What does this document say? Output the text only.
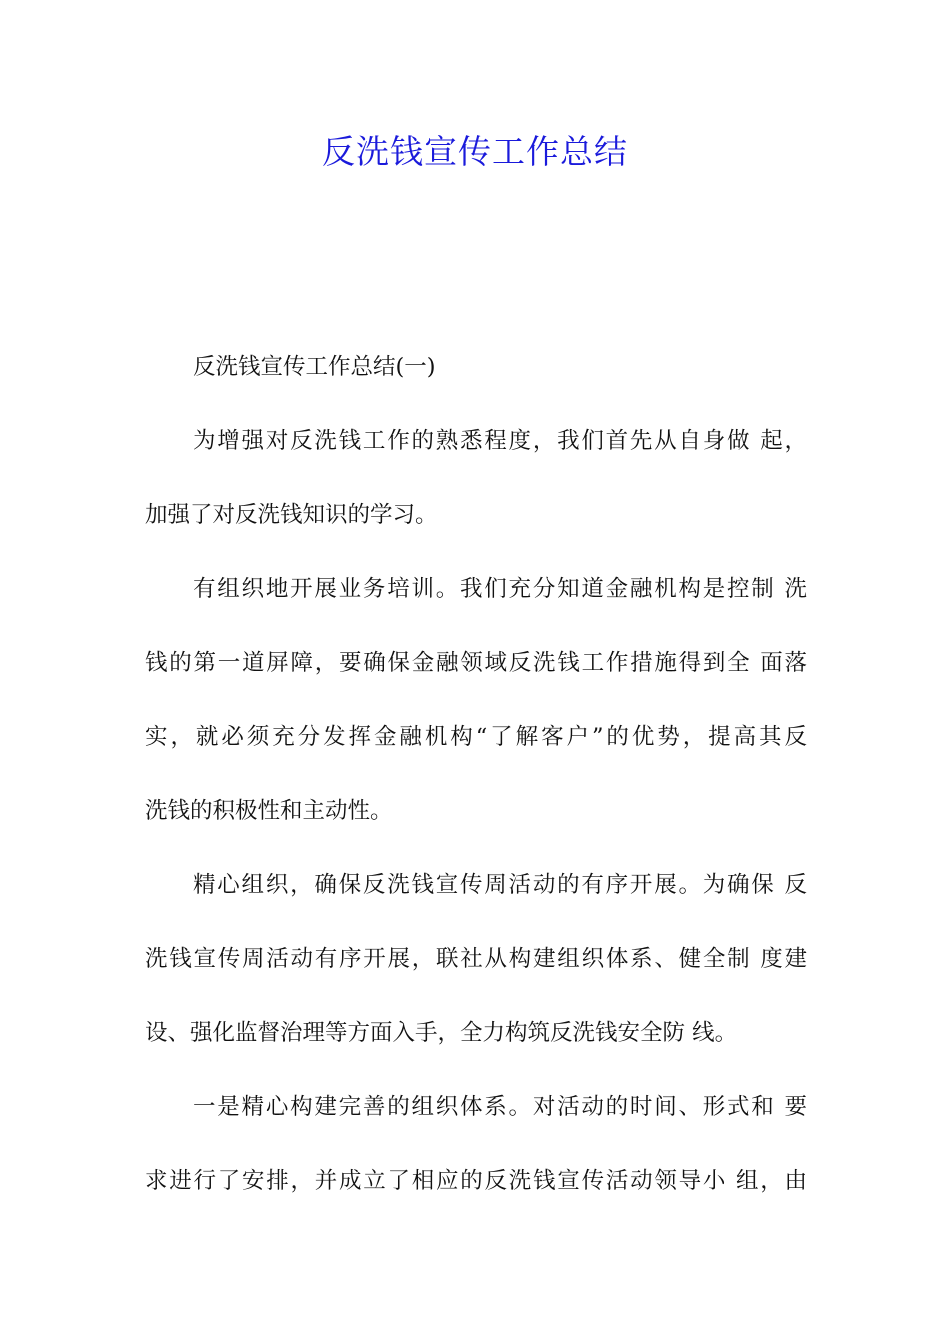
反洗钱宣传工作总结

反洗钱宣传工作总结(一)

为增强对反洗钱工作的熟悉程度，我们首先从自身做 起，

加强了对反洗钱知识的学习。

有组织地开展业务培训。我们充分知道金融机构是控制 洗

钱的第一道屏障，要确保金融领域反洗钱工作措施得到全 面落

实，就必须充分发挥金融机构“了解客户”的优势，提高其反

洗钱的积极性和主动性。

精心组织，确保反洗钱宣传周活动的有序开展。为确保 反

洗钱宣传周活动有序开展，联社从构建组织体系、健全制 度建

设、强化监督治理等方面入手，全力构筑反洗钱安全防 线。

一是精心构建完善的组织体系。对活动的时间、形式和 要

求进行了安排，并成立了相应的反洗钱宣传活动领导小 组，由
